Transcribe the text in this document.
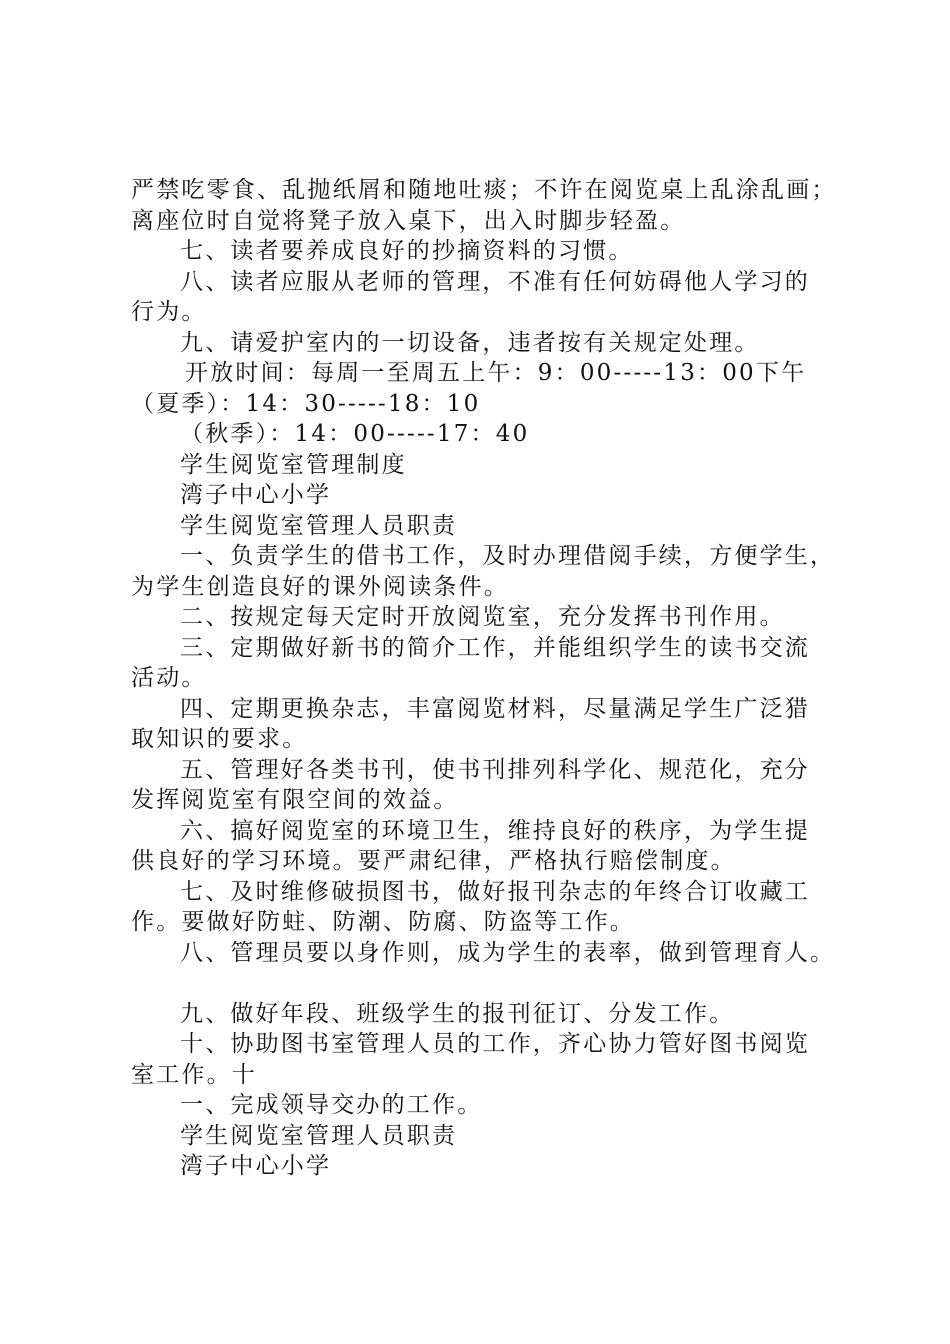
严禁吃零食、乱抛纸屑和随地吐痰；不许在阅览桌上乱涂乱画；
离座位时自觉将凳子放入桌下，出入时脚步轻盈。
七、读者要养成良好的抄摘资料的习惯。
八、读者应服从老师的管理，不准有任何妨碍他人学习的
行为。
九、请爱护室内的一切设备，违者按有关规定处理。
开放时间：每周一至周五上午：9：00-----13：00下午
（夏季）：14：30-----18：10
（秋季）：14：00-----17：40
学生阅览室管理制度
湾子中心小学
学生阅览室管理人员职责
一、负责学生的借书工作，及时办理借阅手续，方便学生，
为学生创造良好的课外阅读条件。
二、按规定每天定时开放阅览室，充分发挥书刊作用。
三、定期做好新书的简介工作，并能组织学生的读书交流
活动。
四、定期更换杂志，丰富阅览材料，尽量满足学生广泛猎
取知识的要求。
五、管理好各类书刊，使书刊排列科学化、规范化，充分
发挥阅览室有限空间的效益。
六、搞好阅览室的环境卫生，维持良好的秩序，为学生提
供良好的学习环境。要严肃纪律，严格执行赔偿制度。
七、及时维修破损图书，做好报刊杂志的年终合订收藏工
作。要做好防蛀、防潮、防腐、防盗等工作。
八、管理员要以身作则，成为学生的表率，做到管理育人。
九、做好年段、班级学生的报刊征订、分发工作。
十、协助图书室管理人员的工作，齐心协力管好图书阅览
室工作。十
一、完成领导交办的工作。
学生阅览室管理人员职责
湾子中心小学
